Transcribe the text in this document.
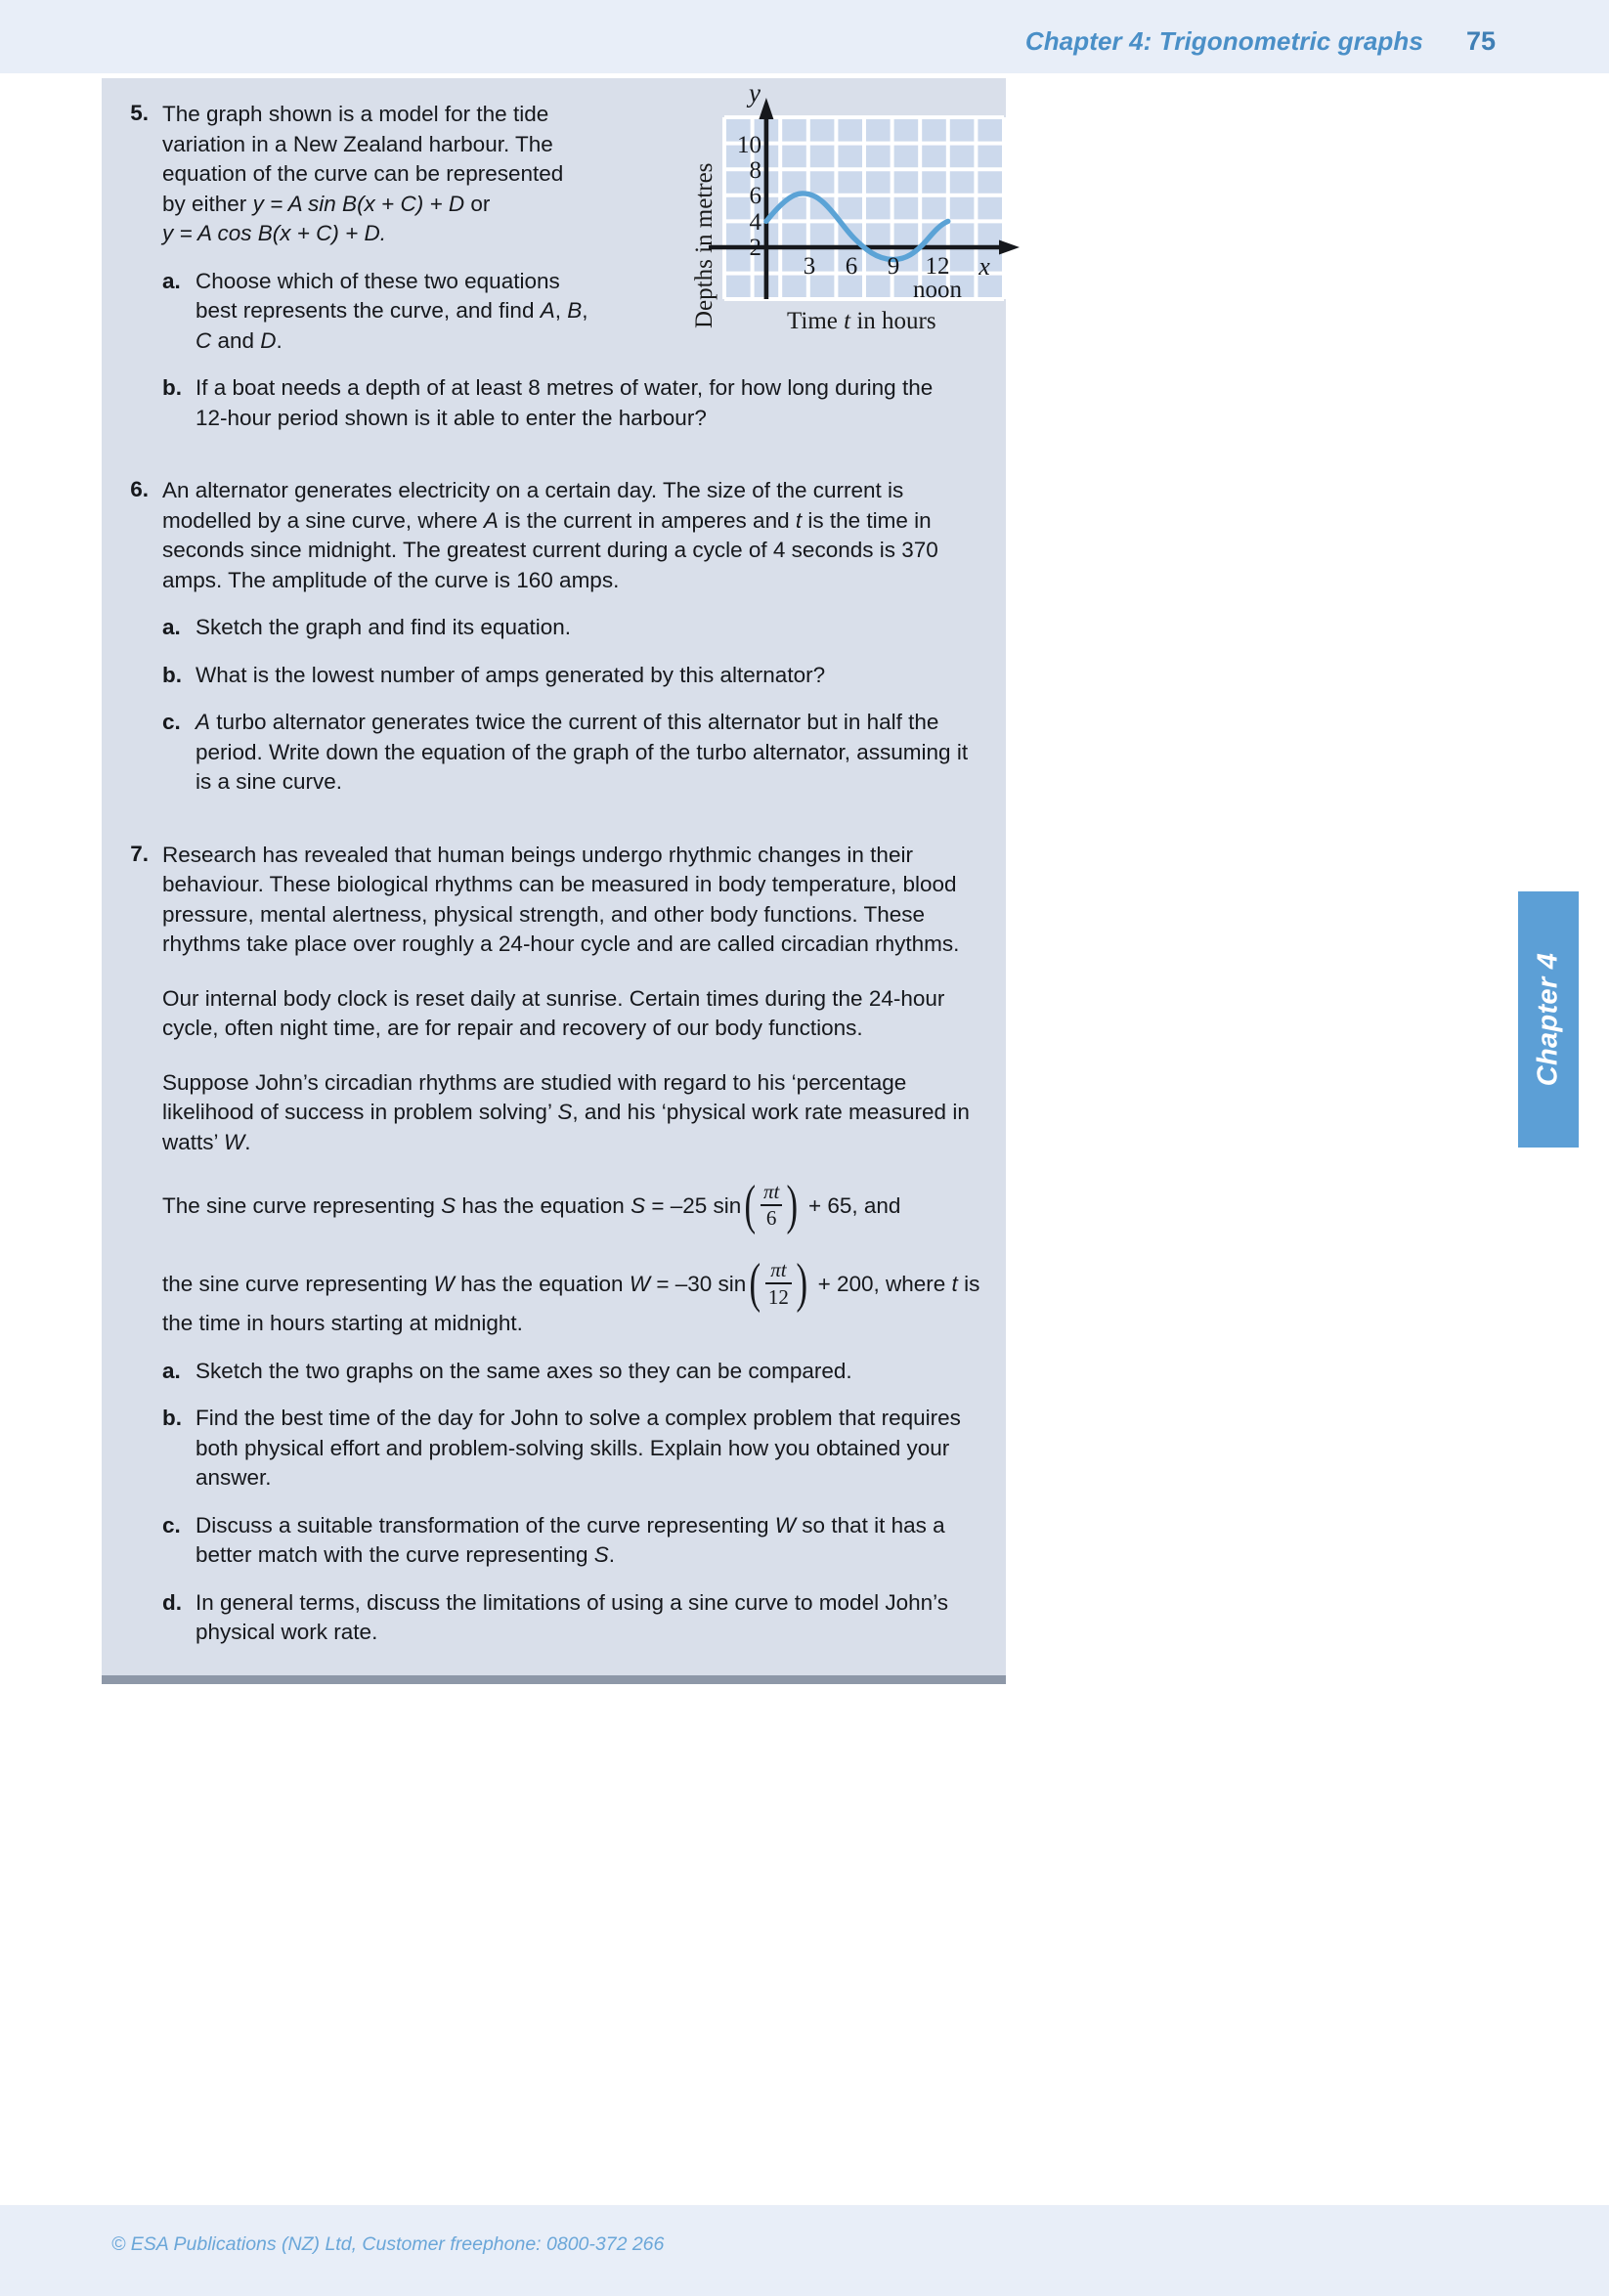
Chapter 4: Trigonometric graphs 75
Chapter 4
5. The graph shown is a model for the tide
variation in a New Zealand harbour. The
equation of the curve can be represented
by either y = A sin B(x + C) + D or
y = A cos B(x + C) + D.
a. Choose which of these two equations
best represents the curve, and find A, B,
C and D.
Depths in metres
10
8
6
4
2
3 6 9 12
noon
y
x
Time t in hours
b. If a boat needs a depth of at least 8 metres of water, for how long during the
12-hour period shown is it able to enter the harbour?
6. An alternator generates electricity on a certain day. The size of the current is modelled by a sine curve, where A is the current in amperes and t is the time in seconds since midnight. The greatest current during a cycle of 4 seconds is 370 amps. The amplitude of the curve is 160 amps.

a. Sketch the graph and find its equation.
b. What is the lowest number of amps generated by this alternator?
c. A turbo alternator generates twice the current of this alternator but in half the period. Write down the equation of the graph of the turbo alternator, assuming it is a sine curve.
7. Research has revealed that human beings undergo rhythmic changes in their behaviour. These biological rhythms can be measured in body temperature, blood pressure, mental alertness, physical strength, and other body functions. These rhythms take place over roughly a 24-hour cycle and are called circadian rhythms.

Our internal body clock is reset daily at sunrise. Certain times during the 24-hour cycle, often night time, are for repair and recovery of our body functions.

Suppose John’s circadian rhythms are studied with regard to his ‘percentage likelihood of success in problem solving’ S, and his ‘physical work rate measured in watts’ W.

The sine curve representing S has the equation S = –25 sin ( $\frac{\pi t}{6}$ ) + 65, and
the sine curve representing W has the equation W = –30 sin ( $\frac{\pi t}{12}$ ) + 200, where t is
the time in hours starting at midnight.
a. Sketch the two graphs on the same axes so they can be compared.
b. Find the best time of the day for John to solve a complex problem that requires both physical effort and problem-solving skills. Explain how you obtained your answer.
c. Discuss a suitable transformation of the curve representing W so that it has a better match with the curve representing S.
d. In general terms, discuss the limitations of using a sine curve to model John’s physical work rate.
© ESA Publications (NZ) Ltd, Customer freephone: 0800-372 266
